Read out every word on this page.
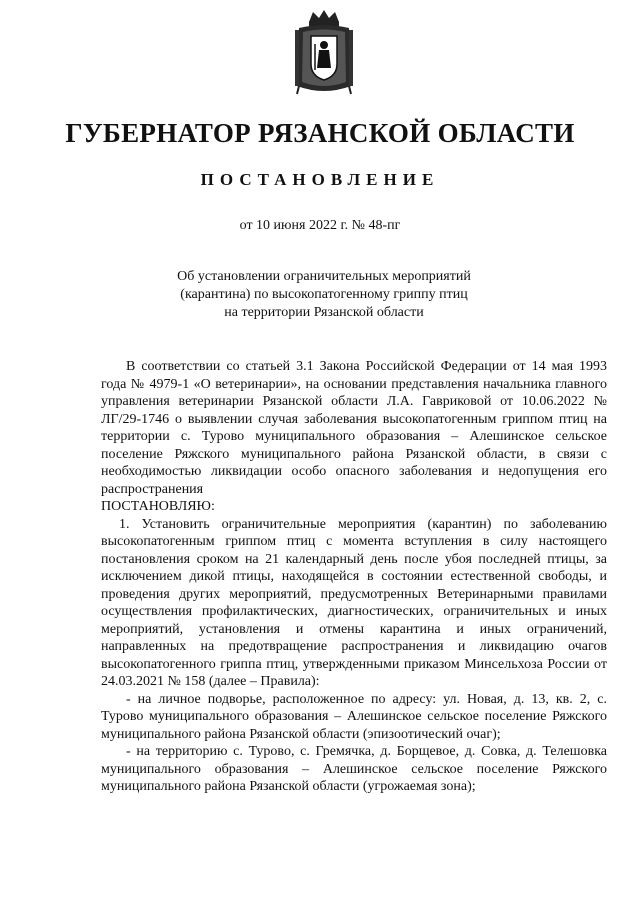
ГУБЕРНАТОР РЯЗАНСКОЙ ОБЛАСТИ
ПОСТАНОВЛЕНИЕ
от 10 июня 2022 г. № 48-пг
Об установлении ограничительных мероприятий
(карантина) по высокопатогенному гриппу птиц
на территории Рязанской области

В соответствии со статьей 3.1 Закона Российской Федерации от 14 мая 1993 года № 4979-1 «О ветеринарии», на основании представления начальника главного управления ветеринарии Рязанской области Л.А. Гавриковой от 10.06.2022 № ЛГ/29-1746 о выявлении случая заболевания высокопатогенным гриппом птиц на территории с. Турово муниципального образования – Алешинское сельское поселение Ряжского муниципального района Рязанской области, в связи с необходимостью ликвидации особо опасного заболевания и недопущения его распространения

ПОСТАНОВЛЯЮ:

1. Установить ограничительные мероприятия (карантин) по заболеванию высокопатогенным гриппом птиц с момента вступления в силу настоящего постановления сроком на 21 календарный день после убоя последней птицы, за исключением дикой птицы, находящейся в состоянии естественной свободы, и проведения других мероприятий, предусмотренных Ветеринарными правилами осуществления профилактических, диагностических, ограничительных и иных мероприятий, установления и отмены карантина и иных ограничений, направленных на предотвращение распространения и ликвидацию очагов высокопатогенного гриппа птиц, утвержденными приказом Минсельхоза России от 24.03.2021 № 158 (далее – Правила):

- на личное подворье, расположенное по адресу: ул. Новая, д. 13, кв. 2, с. Турово муниципального образования – Алешинское сельское поселение Ряжского муниципального района Рязанской области (эпизоотический очаг);

- на территорию с. Турово, с. Гремячка, д. Борщевое, д. Совка, д. Телешовка муниципального образования – Алешинское сельское поселение Ряжского муниципального района Рязанской области (угрожаемая зона);
